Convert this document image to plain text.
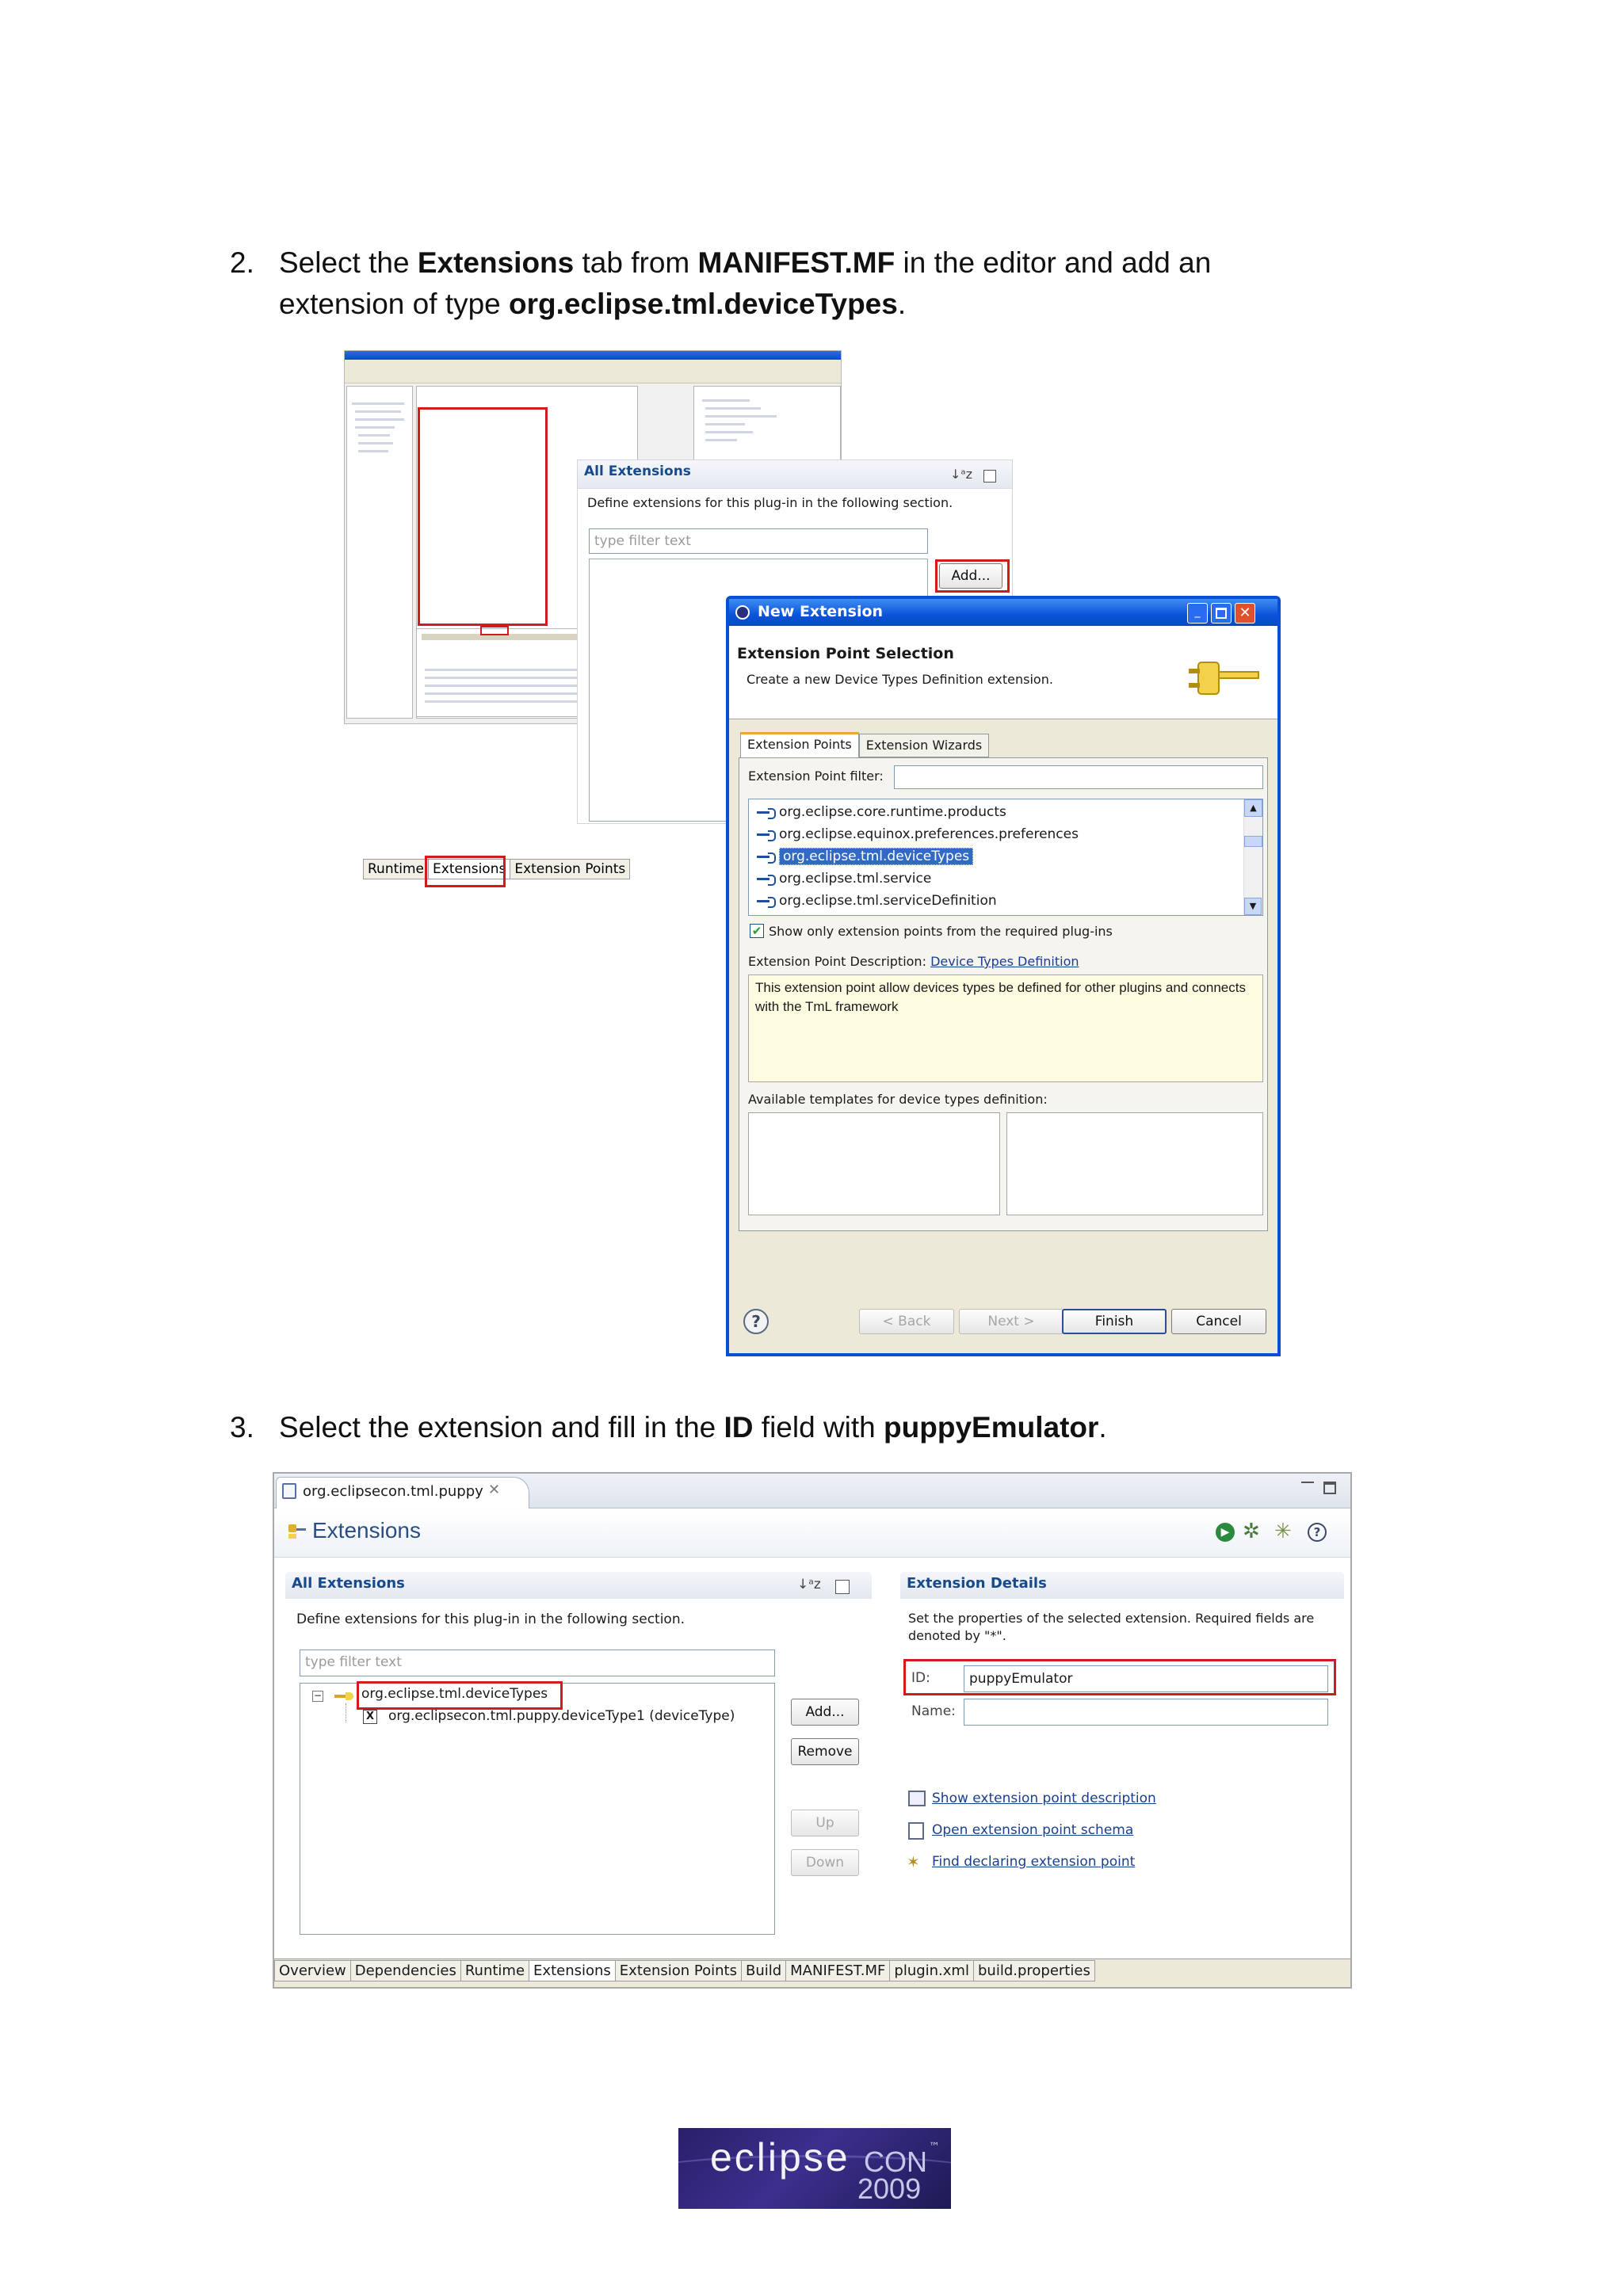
2. Select the Extensions tab from MANIFEST.MF in the editor and add an
extension of type org.eclipse.tml.deviceTypes.
All Extensions	↓ᵃz
Define extensions for this plug-in in the following section.
type filter text
Add...
Runtime Extensions Extension Points
New Extension	_	✕
Extension Point Selection
Create a new Device Types Definition extension.
Extension Points	Extension Wizards
Extension Point filter:
org.eclipse.core.runtime.products
org.eclipse.equinox.preferences.preferences
org.eclipse.tml.deviceTypes
org.eclipse.tml.service
org.eclipse.tml.serviceDefinition
▲
▼
✔ Show only extension points from the required plug-ins
Extension Point Description: Device Types Definition
This extension point allow devices types be defined for other plugins and connects with the TmL framework
Available templates for device types definition:
?	< Back	Next >	Finish	Cancel
3. Select the extension and fill in the ID field with puppyEmulator.
org.eclipsecon.tml.puppy ✕
Extensions	▶ ✲ ✳	?
All Extensions	↓ᵃz
Define extensions for this plug-in in the following section.
type filter text
−	org.eclipse.tml.deviceTypes
X org.eclipsecon.tml.puppy.deviceType1 (deviceType)	Add...
Remove
Up
Down
Extension Details
Set the properties of the selected extension. Required fields are denoted by "*".
ID:	puppyEmulator
Name:
Show extension point description
Open extension point schema
✶ Find declaring extension point
Overview Dependencies Runtime Extensions Extension Points Build MANIFEST.MF plugin.xml build.properties
eclipse CON ™
2009
